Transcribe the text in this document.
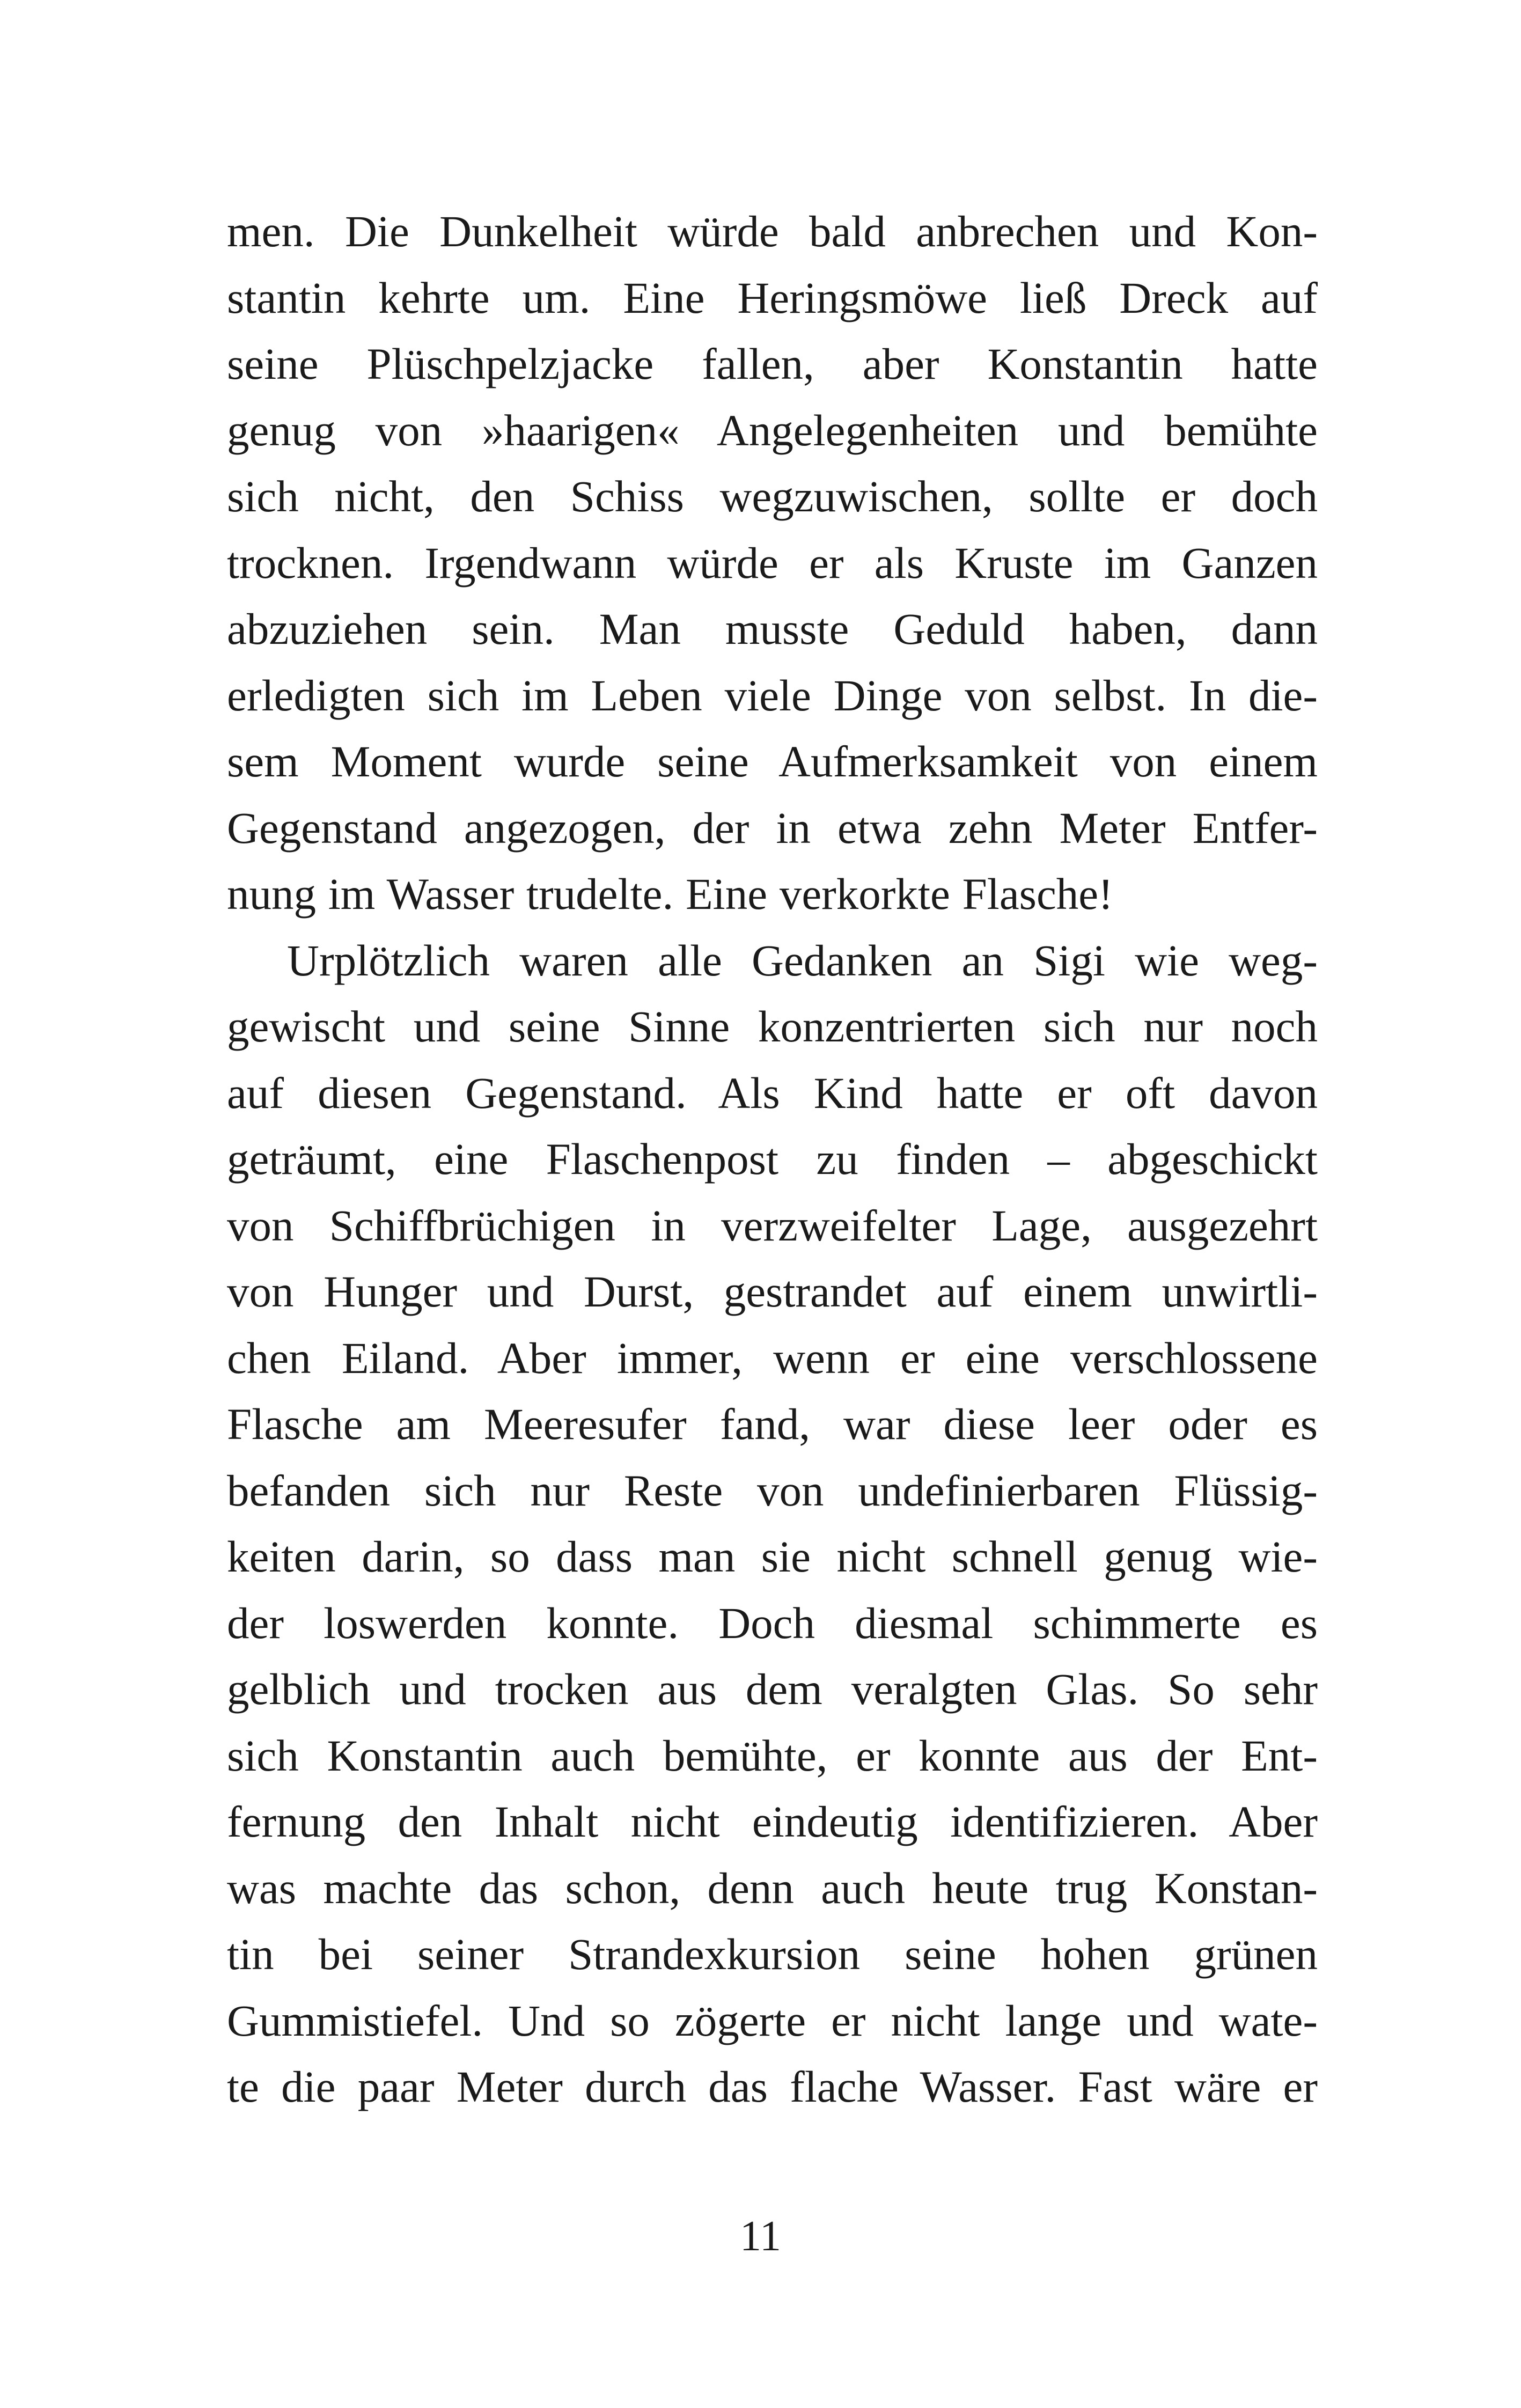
men. Die Dunkelheit würde bald anbrechen und Kon-
stantin kehrte um. Eine Heringsmöwe ließ Dreck auf
seine Plüschpelzjacke fallen, aber Konstantin hatte
genug von »haarigen« Angelegenheiten und bemühte
sich nicht, den Schiss wegzuwischen, sollte er doch
trocknen. Irgendwann würde er als Kruste im Ganzen
abzuziehen sein. Man musste Geduld haben, dann
erledigten sich im Leben viele Dinge von selbst. In die-
sem Moment wurde seine Aufmerksamkeit von einem
Gegenstand angezogen, der in etwa zehn Meter Entfer-
nung im Wasser trudelte. Eine verkorkte Flasche!
Urplötzlich waren alle Gedanken an Sigi wie weg-
gewischt und seine Sinne konzentrierten sich nur noch
auf diesen Gegenstand. Als Kind hatte er oft davon
geträumt, eine Flaschenpost zu finden – abgeschickt
von Schiffbrüchigen in verzweifelter Lage, ausgezehrt
von Hunger und Durst, gestrandet auf einem unwirtli-
chen Eiland. Aber immer, wenn er eine verschlossene
Flasche am Meeresufer fand, war diese leer oder es
befanden sich nur Reste von undefinierbaren Flüssig-
keiten darin, so dass man sie nicht schnell genug wie-
der loswerden konnte. Doch diesmal schimmerte es
gelblich und trocken aus dem veralgten Glas. So sehr
sich Konstantin auch bemühte, er konnte aus der Ent-
fernung den Inhalt nicht eindeutig identifizieren. Aber
was machte das schon, denn auch heute trug Konstan-
tin bei seiner Strandexkursion seine hohen grünen
Gummistiefel. Und so zögerte er nicht lange und wate-
te die paar Meter durch das flache Wasser. Fast wäre er
11
